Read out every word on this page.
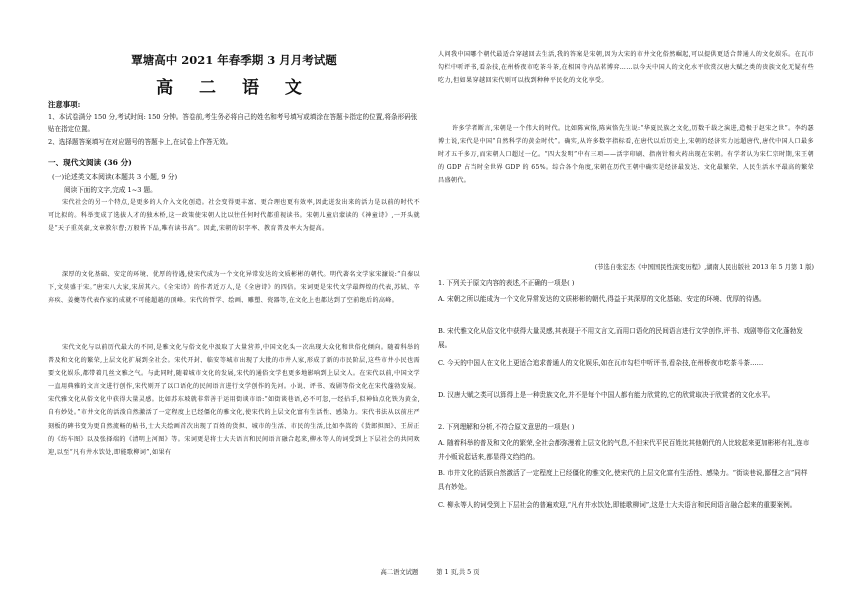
覃塘高中 2021 年春季期 3 月月考试题
高 二 语 文
注意事项:
1、本试卷满分 150 分,考试时间: 150 分钟。答卷前,考生务必将自己的姓名和考号填写或填涂在答题卡指定的位置,将条形码张贴在指定位置。
2、选择题答案填写在对应题号的答题卡上,在试卷上作答无效。
一、现代文阅读 (36 分)
(一)论述类文本阅读(本题共 3 小题, 9 分)
阅读下面的文字,完成 1~3 题。
宋代社会的另一个特点,是更多的人介入文化创造。社会变得更丰富、更合理也更有效率,因此迸发出来的活力是以前的时代不可比拟的。科举变成了选拔人才的独木桥,这一政策使宋朝人比以往任何时代都重视读书。宋朝儿童启蒙读的《神童诗》,一开头就是“天子重英豪,文章教尔曹;万般皆下品,唯有读书高”。因此,宋朝的识字率、教育普及率大为提高。
深厚的文化基础、安定的环境、优厚的待遇,使宋代成为一个文化异常发达的文质彬彬的朝代。明代著名文学家宋濂说:“自秦以下,文莫盛于宋。”唐宋八大家,宋居其六。《全宋诗》的作者近万人,是《全唐诗》的四倍。宋词更是宋代文学最辉煌的代表,苏轼、辛弃疾、姜夔等代表作家的成就不可能超越的顶峰。宋代的哲学、绘画、雕塑、瓷器等,在文化上也都达到了空前绝后的高峰。
宋代文化与以前历代最大的不同,是雅文化与俗文化中汲取了大量营养,中国文化头一次出现大众化和世俗化倾向。随着科举的普及和文化的繁荣,上层文化扩展到全社会。宋代开封、临安等城市出现了大批的市井人家,形成了新的市民阶层,这些市井小民也需要文化娱乐,都带着几丝文雅之气。与此同时,随着城市文化的发展,宋代的通俗文学也更多地影响到上层文人。在宋代以前,中国文学一直用典雅的文言文进行创作,宋代则开了以口语化的民间语言进行文学创作的先河。小说、评书、戏剧等俗文化在宋代蓬勃发展。宋代雅文化从俗文化中获得大量灵感。比如苏东坡就非常善于运用街谈市语:“如街谈巷语,必不可忽,一经拈手,似神仙点化铁为黄金,自有妙处。”市井文化的活泼自然激活了一定程度上已经僵化的雅文化,使宋代的上层文化富有生活性、感染力。宋代书法从以前庄严刻板的碑书变为更自然流畅的帖书,士大夫绘画首次出现了百姓的货担、城市的生活、市民的生活,比如李嵩的《货郎担图》、王居正的《纺车图》以及张择端的《清明上河图》等。宋词更是将士大夫语言和民间语言融合起来,柳永等人的词受到上下层社会的共同欢迎,以至“凡有井水饮处,即能歌柳词”,如果有
人问我中国哪个朝代最适合穿越回去生活,我的答案是宋朝,因为大宋的市井文化俗然崛起,可以提供更适合普通人的文化娱乐。在瓦市勾栏中听评书,看杂技,在州桥夜市吃茶斗茶,在相国寺内品茗博弈……以今天中国人的文化水平欣赏汉唐大赋之类的贵族文化无疑有些吃力,但如果穿越回宋代则可以找到种种平民化的文化享受。
许多学者断言,宋朝是一个伟大的时代。比如陈寅恪,陈寅恪先生说:“华夏民族之文化,历数千载之演进,造极于赵宋之世”。李约瑟博士说,宋代是中国“自然科学的黄金时代”。确实,从许多数字指标看,在唐代以后历史上,宋朝的经济实力远超唐代,唐代中国人口最多时才五千多万,而宋朝人口超过一亿。“四大发明”中有三项——活字印刷、指南针和火药出现在宋朝。有学者认为宋仁宗时期,宋王朝的 GDP 占当时全世界 GDP 的 65%。综合各个角度,宋朝在历代王朝中确实是经济最发达、文化最繁荣、人民生活水平最高的繁荣昌盛朝代。
(节选自张宏杰《中国国民性演变历程》,湖南人民出版社 2013 年 5 月第 1 版)
1. 下列关于原文内容的表述,不正确的一项是( )
A. 宋朝之所以能成为一个文化异常发达的文质彬彬的朝代,得益于其深厚的文化基础、安定的环境、优厚的待遇。
B. 宋代雅文化从俗文化中获得大量灵感,其表现于不用文言文,而用口语化的民间语言进行文学创作,评书、戏剧等俗文化蓬勃发展。
C. 今天的中国人在文化上更适合追求普通人的文化娱乐,如在瓦市勾栏中听评书,看杂技,在州桥夜市吃茶斗茶……
D. 汉唐大赋之类可以算得上是一种贵族文化,并不是每个中国人都有能力欣赏的,它的欣赏取决于欣赏者的文化水平。
2. 下列理解和分析,不符合原文意思的一项是( )
A. 随着科举的普及和文化的繁荣,全社会都弥漫着上层文化的气息,不但宋代平民百姓比其他朝代的人比较起来更加彬彬有礼,连市井小贩说起话来,都显得文绉绉的。
B. 市井文化的活跃自然激活了一定程度上已经僵化的雅文化,使宋代的上层文化富有生活性、感染力。“街谈巷说,鄙俚之言”同样具有妙处。
C. 柳永等人的词受到上下层社会的普遍欢迎,“凡有井水饮处,即能歌柳词”,这是士大夫语言和民间语言融合起来的重要案例。
高二语文试题	第 1 页,共 5 页
